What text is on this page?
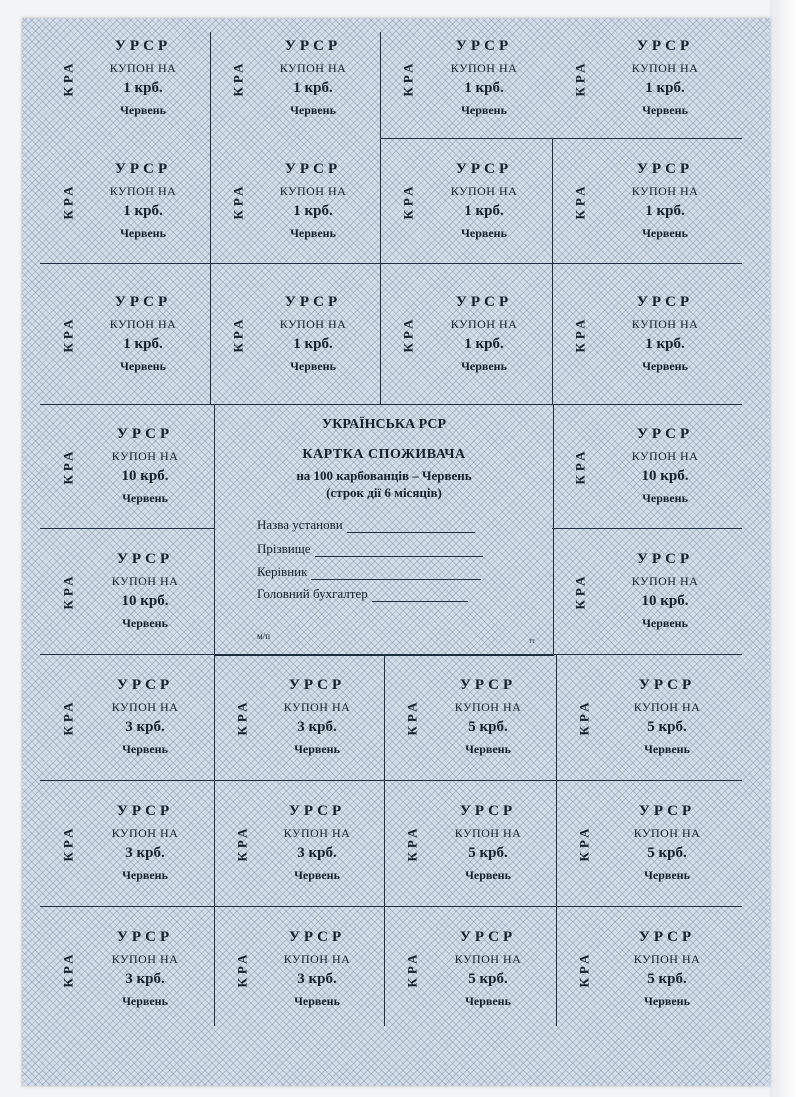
КРА
УРСР
КУПОН НА
1 крб.
Червень
КРА
УРСР
КУПОН НА
1 крб.
Червень
КРА
УРСР
КУПОН НА
1 крб.
Червень
КРА
УРСР
КУПОН НА
1 крб.
Червень
КРА
УРСР
КУПОН НА
1 крб.
Червень
КРА
УРСР
КУПОН НА
1 крб.
Червень
КРА
УРСР
КУПОН НА
1 крб.
Червень
КРА
УРСР
КУПОН НА
1 крб.
Червень
КРА
УРСР
КУПОН НА
1 крб.
Червень
КРА
УРСР
КУПОН НА
1 крб.
Червень
КРА
УРСР
КУПОН НА
1 крб.
Червень
КРА
УРСР
КУПОН НА
1 крб.
Червень
КРА
УРСР
КУПОН НА
10 крб.
Червень
КРА
УРСР
КУПОН НА
10 крб.
Червень
КРА
УРСР
КУПОН НА
10 крб.
Червень
КРА
УРСР
КУПОН НА
10 крб.
Червень
КРА
УРСР
КУПОН НА
3 крб.
Червень
КРА
УРСР
КУПОН НА
3 крб.
Червень
КРА
УРСР
КУПОН НА
5 крб.
Червень
КРА
УРСР
КУПОН НА
5 крб.
Червень
КРА
УРСР
КУПОН НА
3 крб.
Червень
КРА
УРСР
КУПОН НА
3 крб.
Червень
КРА
УРСР
КУПОН НА
5 крб.
Червень
КРА
УРСР
КУПОН НА
5 крб.
Червень
КРА
УРСР
КУПОН НА
3 крб.
Червень
КРА
УРСР
КУПОН НА
3 крб.
Червень
КРА
УРСР
КУПОН НА
5 крб.
Червень
КРА
УРСР
КУПОН НА
5 крб.
Червень
УКРАЇНСЬКА РСР
КАРТКА СПОЖИВАЧА
на 100 карбованців – Червень
(строк дії 6 місяців)
Назва установи
Прізвище
Керівник
Головний бухгалтер
м/п	тт
